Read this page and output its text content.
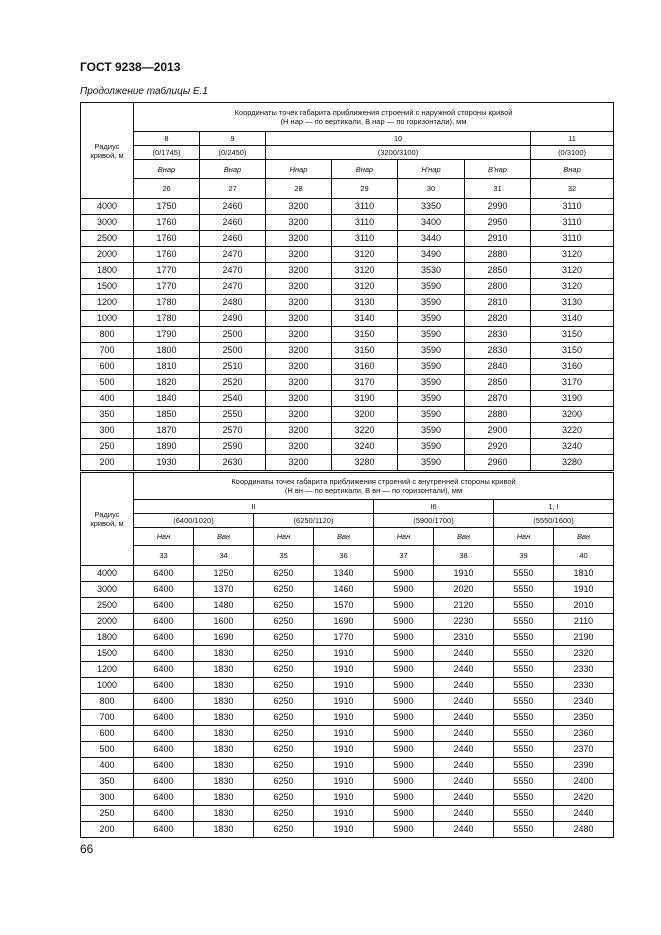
ГОСТ 9238—2013
Продолжение таблицы Е.1
Радиус кривой, м	Координаты точек габарита приближения строений с наружной стороны кривой
(H нар — по вертикали, B нар — по горизонтали), мм						

	8	9	10				11
	(0/1745)	(0/2450)	(3200/3100)				(0/3100)
	Bнар	Bнар	Hнар	Bнар	H'нар	B'нар	Bнар
	26	27	28	29	30	31	32
4000	1750	2460	3200	3110	3350	2990	3110
3000	1760	2460	3200	3110	3400	2950	3110
2500	1760	2460	3200	3110	3440	2910	3110
2000	1760	2470	3200	3120	3490	2880	3120
1800	1770	2470	3200	3120	3530	2850	3120
1500	1770	2470	3200	3120	3590	2800	3120
1200	1780	2480	3200	3130	3590	2810	3130
1000	1780	2490	3200	3140	3590	2820	3140
800	1790	2500	3200	3150	3590	2830	3150
700	1800	2500	3200	3150	3590	2830	3150
600	1810	2510	3200	3160	3590	2840	3160
500	1820	2520	3200	3170	3590	2850	3170
400	1840	2540	3200	3190	3590	2870	3190
350	1850	2550	3200	3200	3590	2880	3200
300	1870	2570	3200	3220	3590	2900	3220
250	1890	2590	3200	3240	3590	2920	3240
200	1930	2630	3200	3280	3590	2960	3280
Радиус кривой, м	Координаты точек габарита приближения строений с внутренней стороны кривой
(H вн — по вертикали, B вн — по горизонтали), мм							

	II				I6		1, I	
	(6400/1020)		(6250/1120)		(5900/1700)		(5550/1600)	
	Hвн	Bвн	Hвн	Bвн	Hвн	Bвн	Hвн	Bвн
	33	34	35	36	37	38	39	40
4000	6400	1250	6250	1340	5900	1910	5550	1810
3000	6400	1370	6250	1460	5900	2020	5550	1910
2500	6400	1480	6250	1570	5900	2120	5550	2010
2000	6400	1600	6250	1690	5900	2230	5550	2110
1800	6400	1690	6250	1770	5900	2310	5550	2190
1500	6400	1830	6250	1910	5900	2440	5550	2320
1200	6400	1830	6250	1910	5900	2440	5550	2330
1000	6400	1830	6250	1910	5900	2440	5550	2330
800	6400	1830	6250	1910	5900	2440	5550	2340
700	6400	1830	6250	1910	5900	2440	5550	2350
600	6400	1830	6250	1910	5900	2440	5550	2360
500	6400	1830	6250	1910	5900	2440	5550	2370
400	6400	1830	6250	1910	5900	2440	5550	2390
350	6400	1830	6250	1910	5900	2440	5550	2400
300	6400	1830	6250	1910	5900	2440	5550	2420
250	6400	1830	6250	1910	5900	2440	5550	2440
200	6400	1830	6250	1910	5900	2440	5550	2480
66
